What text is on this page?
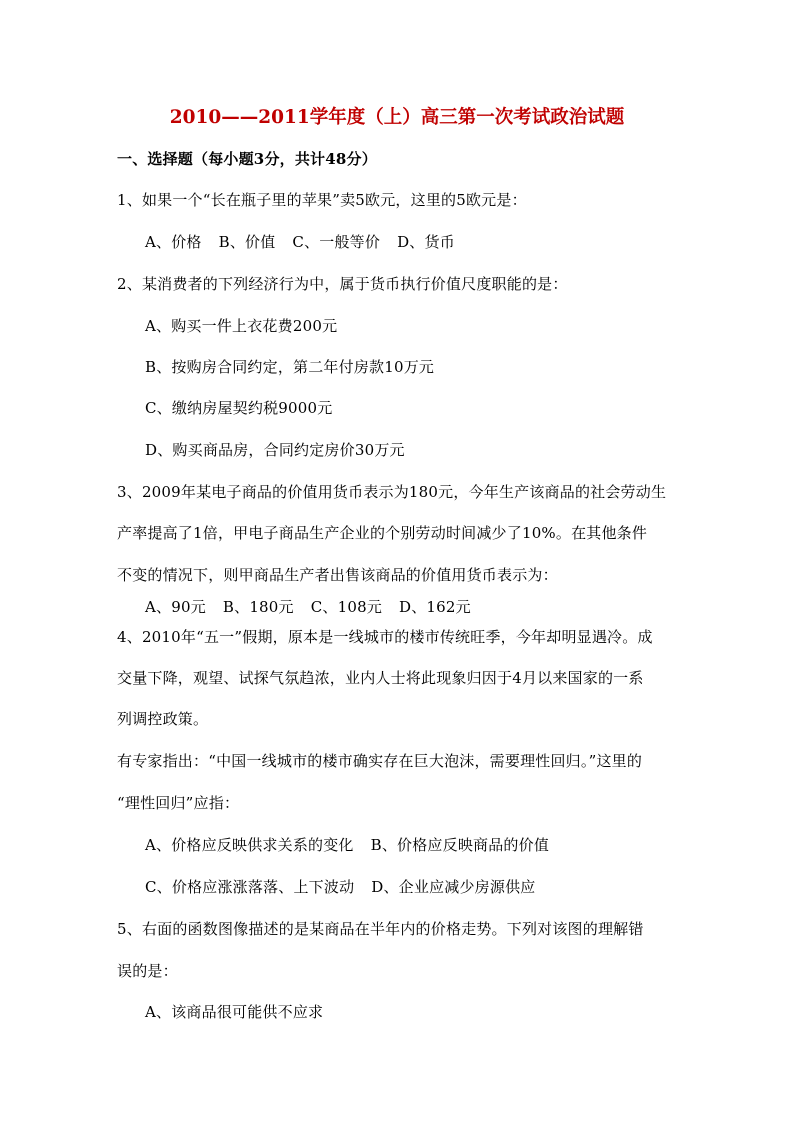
2010——2011学年度（上）高三第一次考试政治试题
一、选择题（每小题3分，共计48分）
1、如果一个“长在瓶子里的苹果”卖5欧元，这里的5欧元是：
A、价格 B、价值 C、一般等价 D、货币
2、某消费者的下列经济行为中，属于货币执行价值尺度职能的是：
A、购买一件上衣花费200元
B、按购房合同约定，第二年付房款10万元
C、缴纳房屋契约税9000元
D、购买商品房，合同约定房价30万元
3、2009年某电子商品的价值用货币表示为180元，今年生产该商品的社会劳动生
产率提高了1倍，甲电子商品生产企业的个别劳动时间减少了10%。在其他条件
不变的情况下，则甲商品生产者出售该商品的价值用货币表示为：
A、90元 B、180元 C、108元 D、162元
4、2010年“五一”假期，原本是一线城市的楼市传统旺季，今年却明显遇冷。成
交量下降，观望、试探气氛趋浓，业内人士将此现象归因于4月以来国家的一系
列调控政策。
有专家指出：“中国一线城市的楼市确实存在巨大泡沫，需要理性回归。”这里的
“理性回归”应指：
A、价格应反映供求关系的变化 B、价格应反映商品的价值
C、价格应涨涨落落、上下波动 D、企业应减少房源供应
5、右面的函数图像描述的是某商品在半年内的价格走势。下列对该图的理解错
误的是：
A、该商品很可能供不应求
